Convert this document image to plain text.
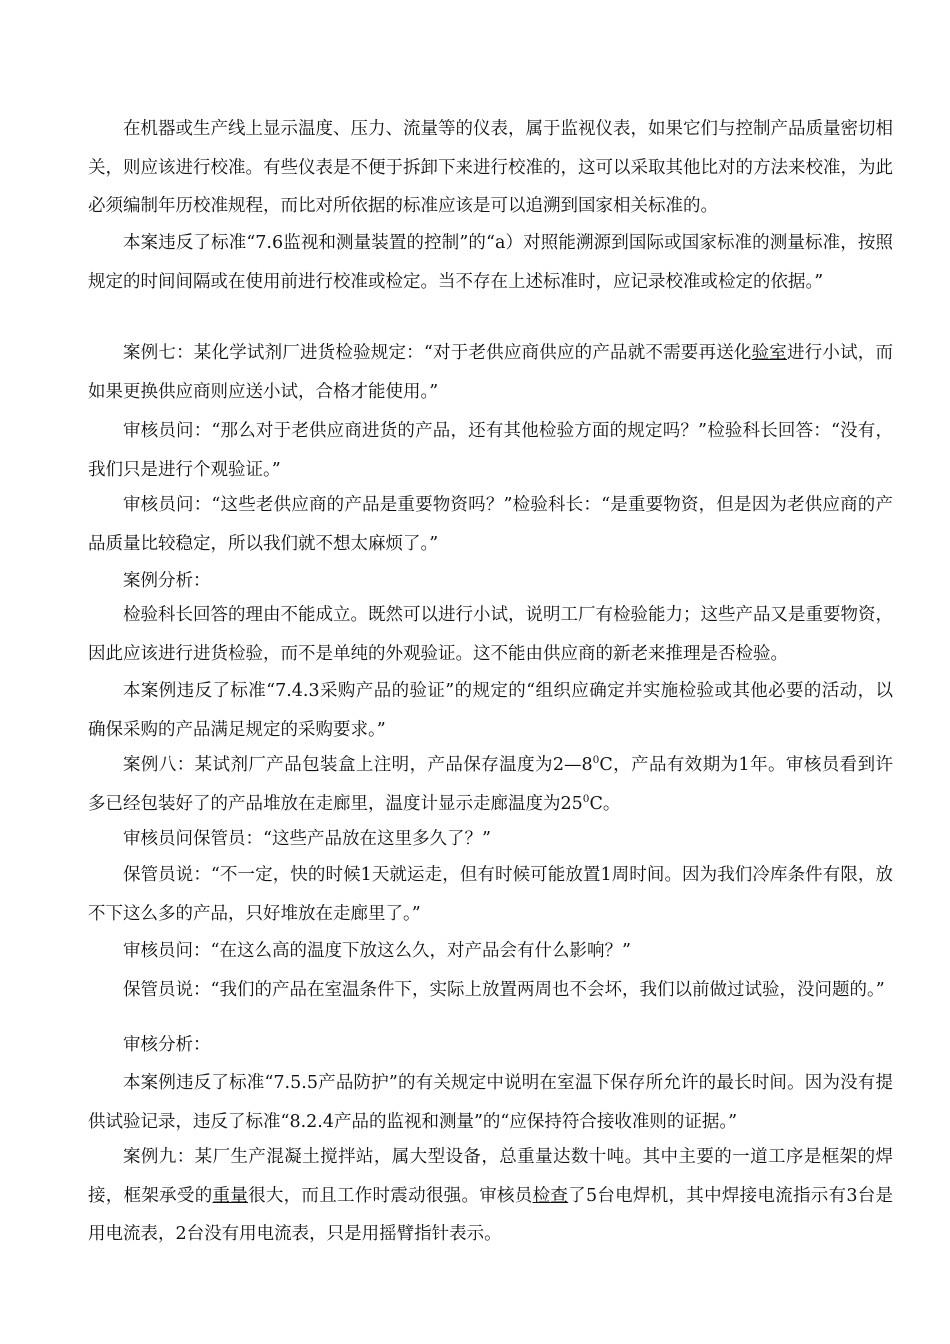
在机器或生产线上显示温度、压力、流量等的仪表，属于监视仪表，如果它们与控制产品质量密切相关，则应该进行校准。有些仪表是不便于拆卸下来进行校准的，这可以采取其他比对的方法来校准，为此必须编制年历校准规程，而比对所依据的标准应该是可以追溯到国家相关标准的。

本案违反了标准“7.6监视和测量装置的控制”的“a）对照能溯源到国际或国家标准的测量标准，按照规定的时间间隔或在使用前进行校准或检定。当不存在上述标准时，应记录校准或检定的依据。”

案例七：某化学试剂厂进货检验规定：“对于老供应商供应的产品就不需要再送化验室进行小试，而如果更换供应商则应送小试，合格才能使用。”

审核员问：“那么对于老供应商进货的产品，还有其他检验方面的规定吗？”检验科长回答：“没有，我们只是进行个观验证。”

审核员问：“这些老供应商的产品是重要物资吗？”检验科长：“是重要物资，但是因为老供应商的产品质量比较稳定，所以我们就不想太麻烦了。”

案例分析：

检验科长回答的理由不能成立。既然可以进行小试，说明工厂有检验能力；这些产品又是重要物资，因此应该进行进货检验，而不是单纯的外观验证。这不能由供应商的新老来推理是否检验。

本案例违反了标准“7.4.3采购产品的验证”的规定的“组织应确定并实施检验或其他必要的活动，以确保采购的产品满足规定的采购要求。”

案例八：某试剂厂产品包装盒上注明，产品保存温度为$2—8^0C$，产品有效期为1年。审核员看到许多已经包装好了的产品堆放在走廊里，温度计显示走廊温度为$25^0C$。

审核员问保管员：“这些产品放在这里多久了？”

保管员说：“不一定，快的时候1天就运走，但有时候可能放置1周时间。因为我们冷库条件有限，放不下这么多的产品，只好堆放在走廊里了。”

审核员问：“在这么高的温度下放这么久，对产品会有什么影响？”

保管员说：“我们的产品在室温条件下，实际上放置两周也不会坏，我们以前做过试验，没问题的。”

审核分析：

本案例违反了标准“7.5.5产品防护”的有关规定中说明在室温下保存所允许的最长时间。因为没有提供试验记录，违反了标准“8.2.4产品的监视和测量”的“应保持符合接收准则的证据。”

案例九：某厂生产混凝土搅拌站，属大型设备，总重量达数十吨。其中主要的一道工序是框架的焊接，框架承受的重量很大，而且工作时震动很强。审核员检查了5台电焊机，其中焊接电流指示有3台是用电流表，2台没有用电流表，只是用摇臂指针表示。
